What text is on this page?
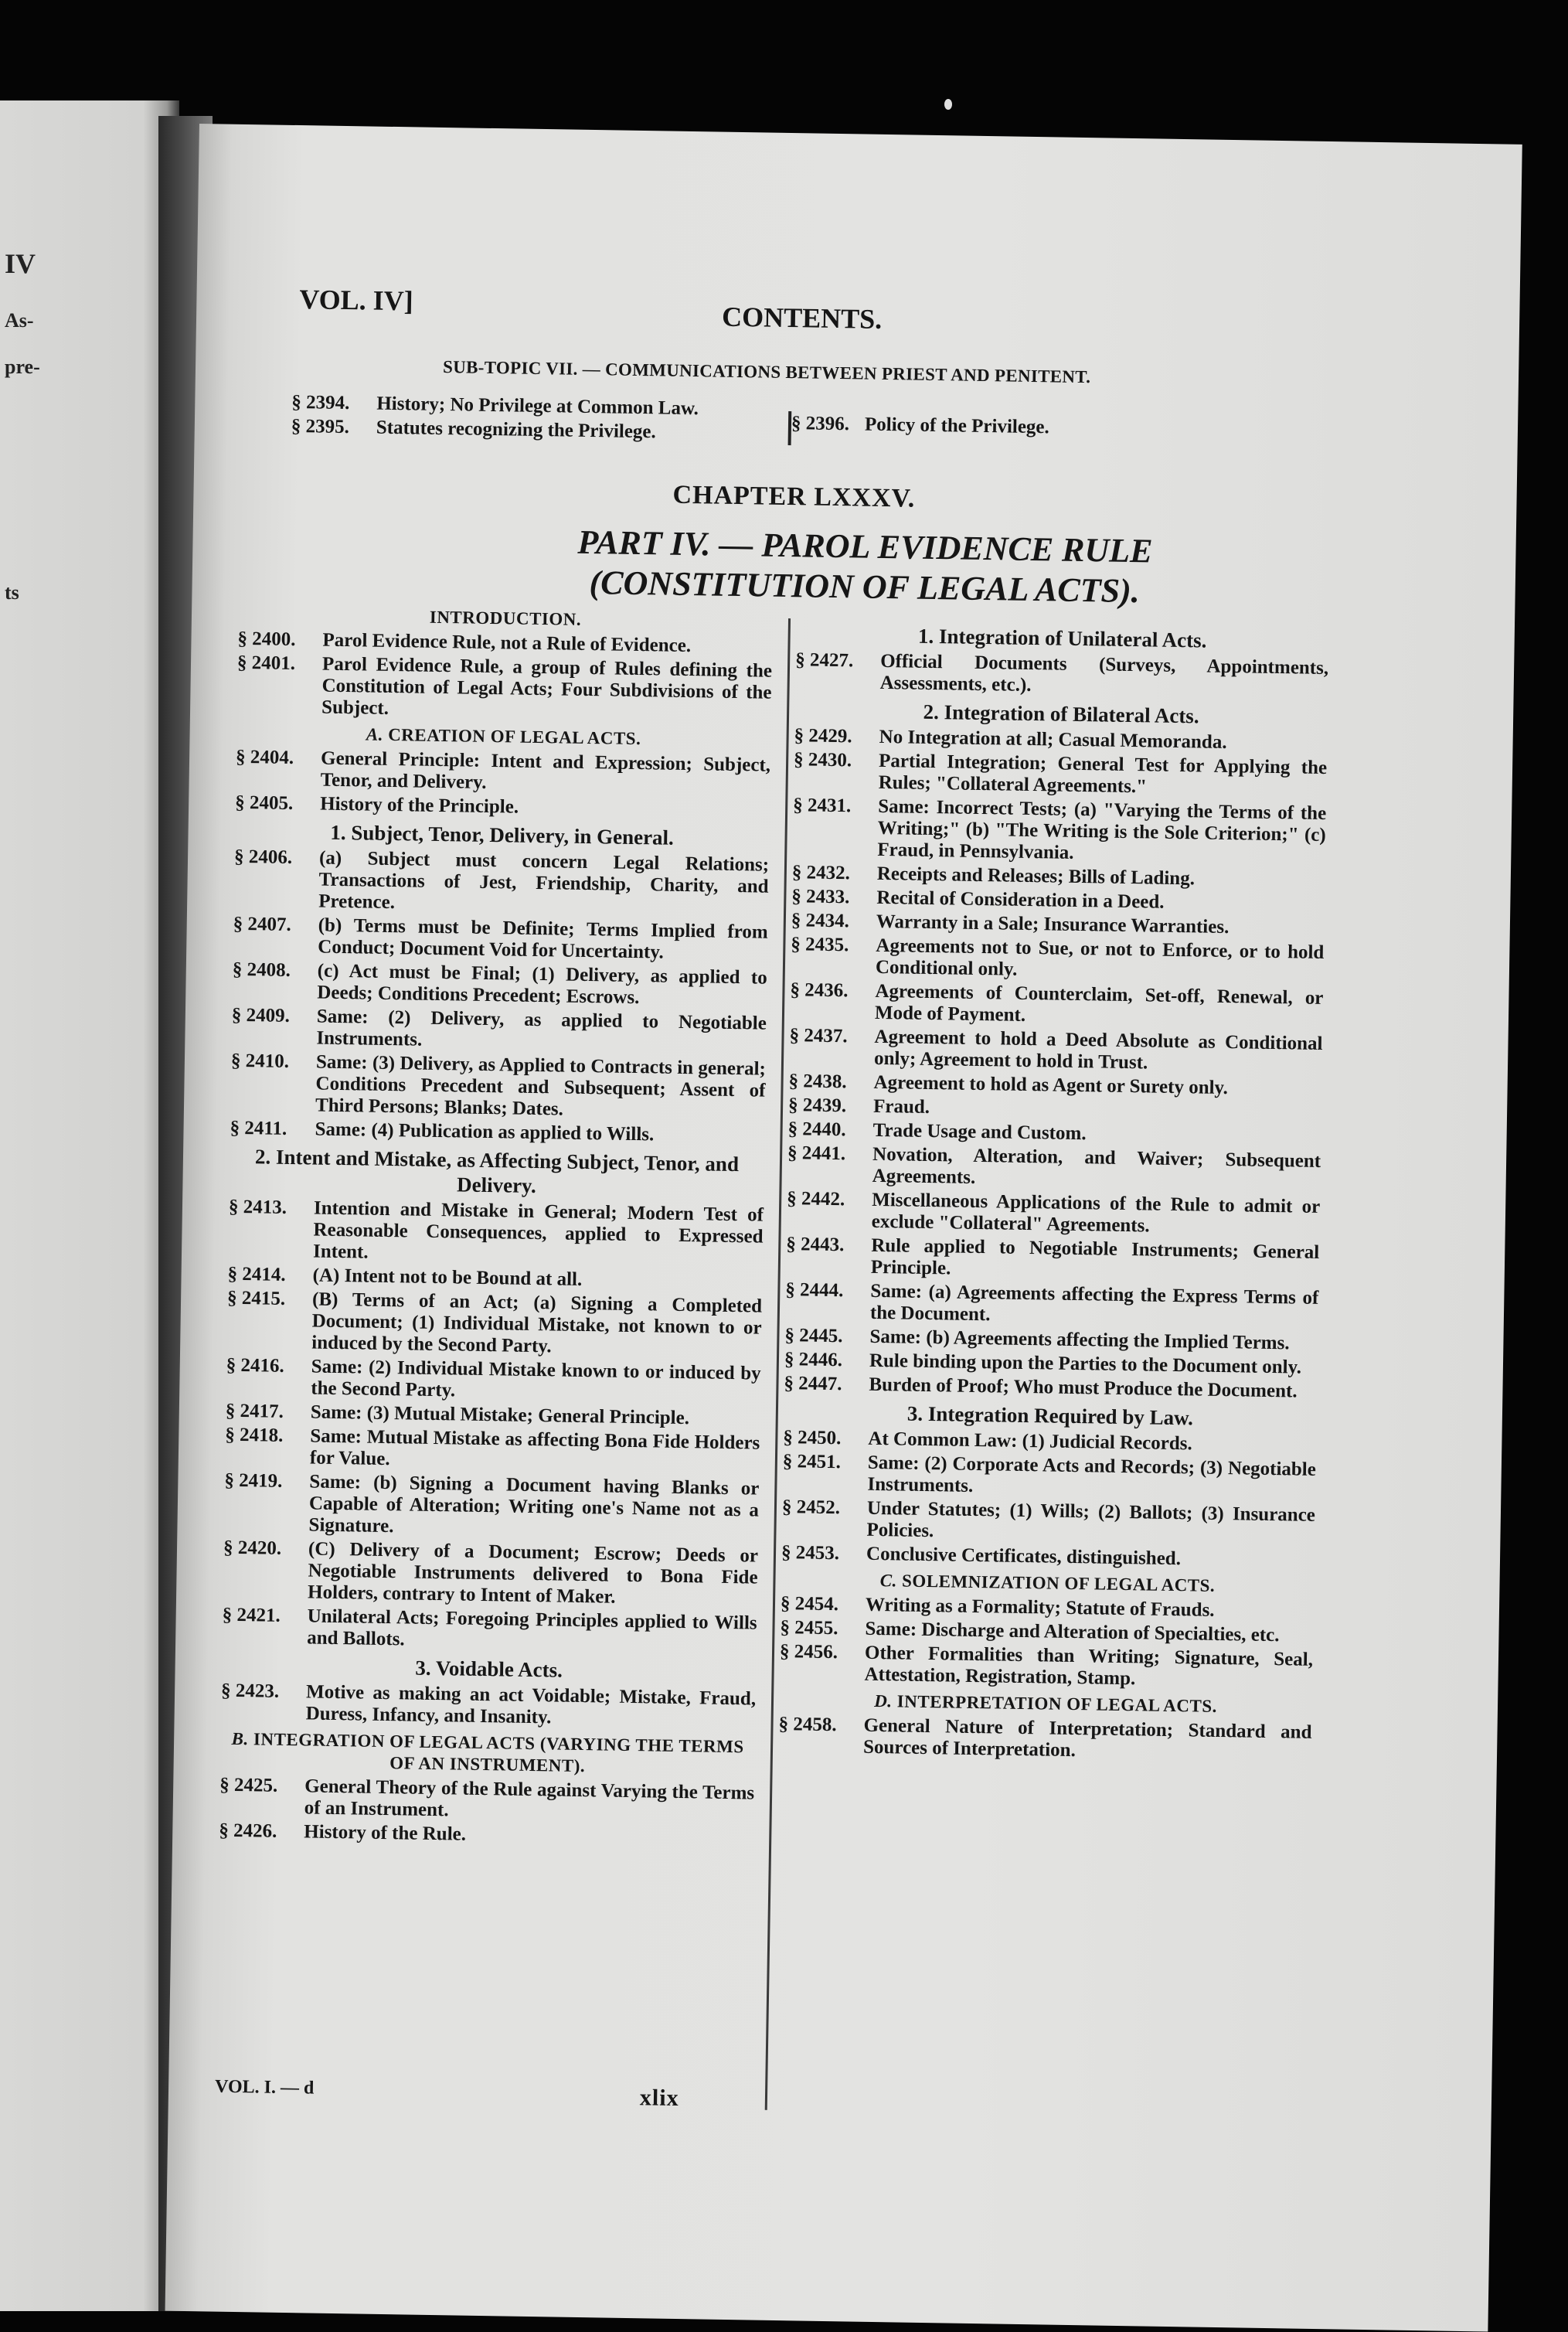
IV
As-
pre-
ts
VOL. IV]
CONTENTS.
SUB-TOPIC VII. — COMMUNICATIONS BETWEEN PRIEST AND PENITENT.
§ 2394.	History; No Privilege at Common Law.
§ 2395.	Statutes recognizing the Privilege.	§ 2396. Policy of the Privilege.
CHAPTER LXXXV.
PART IV. — PAROL EVIDENCE RULE
(CONSTITUTION OF LEGAL ACTS).
INTRODUCTION.
§ 2400.	Parol Evidence Rule, not a Rule of Evidence.
§ 2401.	Parol Evidence Rule, a group of Rules defining the Constitution of Legal Acts; Four Subdivisions of the Subject.
A. CREATION OF LEGAL ACTS.
§ 2404.	General Principle: Intent and Expression; Subject, Tenor, and Delivery.
§ 2405.	History of the Principle.
1. Subject, Tenor, Delivery, in General.
§ 2406.	(a) Subject must concern Legal Relations; Transactions of Jest, Friendship, Charity, and Pretence.
§ 2407.	(b) Terms must be Definite; Terms Implied from Conduct; Document Void for Uncertainty.
§ 2408.	(c) Act must be Final; (1) Delivery, as applied to Deeds; Conditions Precedent; Escrows.
§ 2409.	Same: (2) Delivery, as applied to Negotiable Instruments.
§ 2410.	Same: (3) Delivery, as Applied to Contracts in general; Conditions Precedent and Subsequent; Assent of Third Persons; Blanks; Dates.
§ 2411.	Same: (4) Publication as applied to Wills.
2. Intent and Mistake, as Affecting Subject, Tenor, and Delivery.
§ 2413.	Intention and Mistake in General; Modern Test of Reasonable Consequences, applied to Expressed Intent.
§ 2414.	(A) Intent not to be Bound at all.
§ 2415.	(B) Terms of an Act; (a) Signing a Completed Document; (1) Individual Mistake, not known to or induced by the Second Party.
§ 2416.	Same: (2) Individual Mistake known to or induced by the Second Party.
§ 2417.	Same: (3) Mutual Mistake; General Principle.
§ 2418.	Same: Mutual Mistake as affecting Bona Fide Holders for Value.
§ 2419.	Same: (b) Signing a Document having Blanks or Capable of Alteration; Writing one's Name not as a Signature.
§ 2420.	(C) Delivery of a Document; Escrow; Deeds or Negotiable Instruments delivered to Bona Fide Holders, contrary to Intent of Maker.
§ 2421.	Unilateral Acts; Foregoing Principles applied to Wills and Ballots.
3. Voidable Acts.
§ 2423.	Motive as making an act Voidable; Mistake, Fraud, Duress, Infancy, and Insanity.
B. INTEGRATION OF LEGAL ACTS (VARYING THE TERMS OF AN INSTRUMENT).
§ 2425.	General Theory of the Rule against Varying the Terms of an Instrument.
§ 2426.	History of the Rule.
1. Integration of Unilateral Acts.
§ 2427.	Official Documents (Surveys, Appointments, Assessments, etc.).
2. Integration of Bilateral Acts.
§ 2429.	No Integration at all; Casual Memoranda.
§ 2430.	Partial Integration; General Test for Applying the Rules; "Collateral Agreements."
§ 2431.	Same: Incorrect Tests; (a) "Varying the Terms of the Writing;" (b) "The Writing is the Sole Criterion;" (c) Fraud, in Pennsylvania.
§ 2432.	Receipts and Releases; Bills of Lading.
§ 2433.	Recital of Consideration in a Deed.
§ 2434.	Warranty in a Sale; Insurance Warranties.
§ 2435.	Agreements not to Sue, or not to Enforce, or to hold Conditional only.
§ 2436.	Agreements of Counterclaim, Set-off, Renewal, or Mode of Payment.
§ 2437.	Agreement to hold a Deed Absolute as Conditional only; Agreement to hold in Trust.
§ 2438.	Agreement to hold as Agent or Surety only.
§ 2439.	Fraud.
§ 2440.	Trade Usage and Custom.
§ 2441.	Novation, Alteration, and Waiver; Subsequent Agreements.
§ 2442.	Miscellaneous Applications of the Rule to admit or exclude "Collateral" Agreements.
§ 2443.	Rule applied to Negotiable Instruments; General Principle.
§ 2444.	Same: (a) Agreements affecting the Express Terms of the Document.
§ 2445.	Same: (b) Agreements affecting the Implied Terms.
§ 2446.	Rule binding upon the Parties to the Document only.
§ 2447.	Burden of Proof; Who must Produce the Document.
3. Integration Required by Law.
§ 2450.	At Common Law: (1) Judicial Records.
§ 2451.	Same: (2) Corporate Acts and Records; (3) Negotiable Instruments.
§ 2452.	Under Statutes; (1) Wills; (2) Ballots; (3) Insurance Policies.
§ 2453.	Conclusive Certificates, distinguished.
C. SOLEMNIZATION OF LEGAL ACTS.
§ 2454.	Writing as a Formality; Statute of Frauds.
§ 2455.	Same: Discharge and Alteration of Specialties, etc.
§ 2456.	Other Formalities than Writing; Signature, Seal, Attestation, Registration, Stamp.
D. INTERPRETATION OF LEGAL ACTS.
§ 2458.	General Nature of Interpretation; Standard and Sources of Interpretation.
VOL. I. — d	xlix
